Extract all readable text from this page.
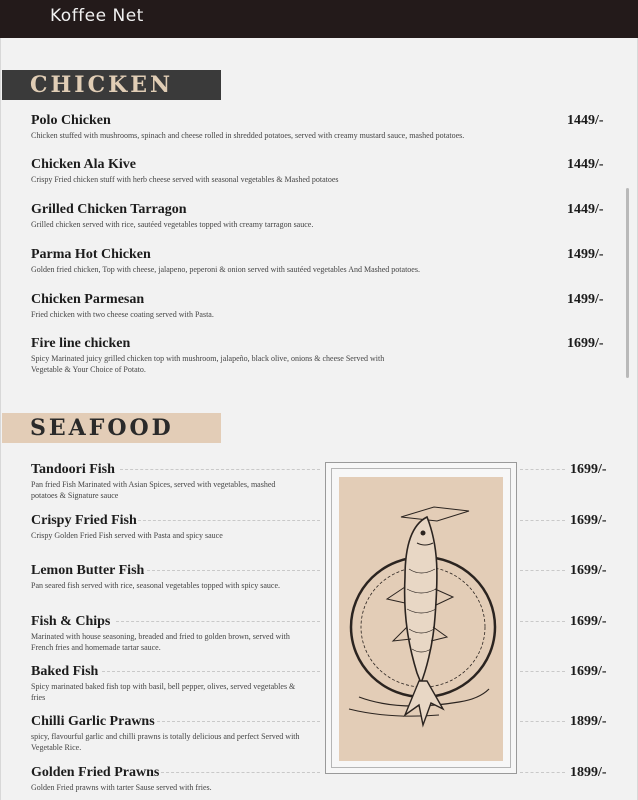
Koffee Net
CHICKEN
Polo Chicken
Chicken stuffed with mushrooms, spinach and cheese rolled in shredded potatoes, served with creamy mustard sauce, mashed potatoes.
1449/-
Chicken Ala Kive
Crispy Fried chicken stuff with herb cheese served with seasonal vegetables & Mashed potatoes
1449/-
Grilled Chicken Tarragon
Grilled chicken served with rice, sautéed vegetables topped with creamy tarragon sauce.
1449/-
Parma Hot Chicken
Golden fried chicken, Top with cheese, jalapeno, peperoni & onion served with sautéed vegetables And Mashed potatoes.
1499/-
Chicken Parmesan
Fried chicken with two cheese coating served with Pasta.
1499/-
Fire line chicken
Spicy Marinated juicy grilled chicken top with mushroom, jalapeño, black olive, onions & cheese Served with Vegetable & Your Choice of Potato.
1699/-
SEAFOOD
Tandoori Fish
Pan fried Fish Marinated with Asian Spices, served with vegetables, mashed potatoes & Signature sauce
1699/-
Crispy Fried Fish
Crispy Golden Fried Fish served with Pasta and spicy sauce
1699/-
Lemon Butter Fish
Pan seared fish served with rice, seasonal vegetables topped with spicy sauce.
1699/-
Fish & Chips
Marinated with house seasoning, breaded and fried to golden brown, served with French fries and homemade tartar sauce.
1699/-
Baked Fish
Spicy marinated baked fish top with basil, bell pepper, olives, served vegetables & fries
1699/-
Chilli Garlic Prawns
spicy, flavourful garlic and chilli prawns is totally delicious and perfect Served with Vegetable Rice.
1899/-
Golden Fried Prawns
Golden Fried prawns with tarter Sause served with fries.
1899/-
